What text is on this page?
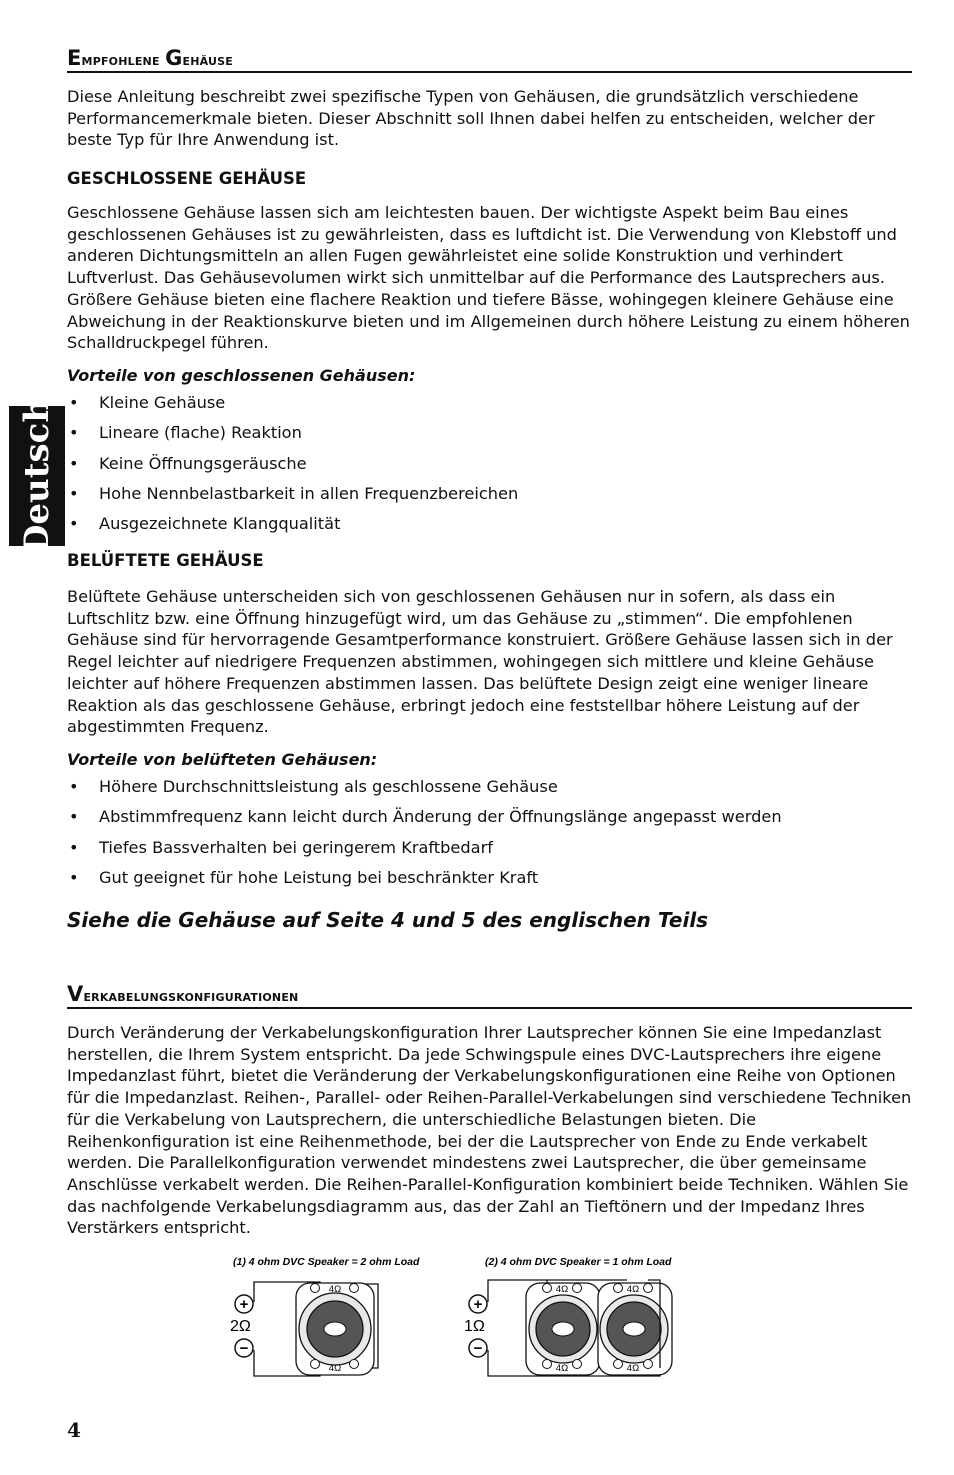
Deutsch
Empfohlene Gehäuse

Diese Anleitung beschreibt zwei spezifische Typen von Gehäusen, die grundsätzlich verschiedene Performancemerkmale bieten. Dieser Abschnitt soll Ihnen dabei helfen zu entscheiden, welcher der beste Typ für Ihre Anwendung ist.

GESCHLOSSENE GEHÄUSE

Geschlossene Gehäuse lassen sich am leichtesten bauen. Der wichtigste Aspekt beim Bau eines geschlossenen Gehäuses ist zu gewährleisten, dass es luftdicht ist. Die Verwendung von Klebstoff und anderen Dichtungsmitteln an allen Fugen gewährleistet eine solide Konstruktion und verhindert Luftverlust. Das Gehäusevolumen wirkt sich unmittelbar auf die Performance des Lautsprechers aus. Größere Gehäuse bieten eine flachere Reaktion und tiefere Bässe, wohingegen kleinere Gehäuse eine Abweichung in der Reaktionskurve bieten und im Allgemeinen durch höhere Leistung zu einem höheren Schalldruckpegel führen.

Vorteile von geschlossenen Gehäusen:
• Kleine Gehäuse
• Lineare (flache) Reaktion
• Keine Öffnungsgeräusche
• Hohe Nennbelastbarkeit in allen Frequenzbereichen
• Ausgezeichnete Klangqualität
BELÜFTETE GEHÄUSE

Belüftete Gehäuse unterscheiden sich von geschlossenen Gehäusen nur in sofern, als dass ein Luftschlitz bzw. eine Öffnung hinzugefügt wird, um das Gehäuse zu „stimmen“. Die empfohlenen Gehäuse sind für hervorragende Gesamtperformance konstruiert. Größere Gehäuse lassen sich in der Regel leichter auf niedrigere Frequenzen abstimmen, wohingegen sich mittlere und kleine Gehäuse leichter auf höhere Frequenzen abstimmen lassen. Das belüftete Design zeigt eine weniger lineare Reaktion als das geschlossene Gehäuse, erbringt jedoch eine feststellbar höhere Leistung auf der abgestimmten Frequenz.

Vorteile von belüfteten Gehäusen:
• Höhere Durchschnittsleistung als geschlossene Gehäuse
• Abstimmfrequenz kann leicht durch Änderung der Öffnungslänge angepasst werden
• Tiefes Bassverhalten bei geringerem Kraftbedarf
• Gut geeignet für hohe Leistung bei beschränkter Kraft
Siehe die Gehäuse auf Seite 4 und 5 des englischen Teils
Verkabelungskonfigurationen

Durch Veränderung der Verkabelungskonfiguration Ihrer Lautsprecher können Sie eine Impedanzlast herstellen, die Ihrem System entspricht. Da jede Schwingspule eines DVC-Lautsprechers ihre eigene Impedanzlast führt, bietet die Veränderung der Verkabelungskonfigurationen eine Reihe von Optionen für die Impedanzlast. Reihen-, Parallel- oder Reihen-Parallel-Verkabelungen sind verschiedene Techniken für die Verkabelung von Lautsprechern, die unterschiedliche Belastungen bieten. Die Reihenkonfiguration ist eine Reihenmethode, bei der die Lautsprecher von Ende zu Ende verkabelt werden. Die Parallelkonfiguration verwendet mindestens zwei Lautsprecher, die über gemeinsame Anschlüsse verkabelt werden. Die Reihen-Parallel-Konfiguration kombiniert beide Techniken. Wählen Sie das nachfolgende Verkabelungsdiagramm aus, das der Zahl an Tieftönern und der Impedanz Ihres Verstärkers entspricht.

(1) 4 ohm DVC Speaker = 2 ohm Load
+
2Ω
−
4Ω
4Ω
(2) 4 ohm DVC Speaker = 1 ohm Load
+
1Ω
−
4Ω
4Ω
4Ω
4Ω
4
